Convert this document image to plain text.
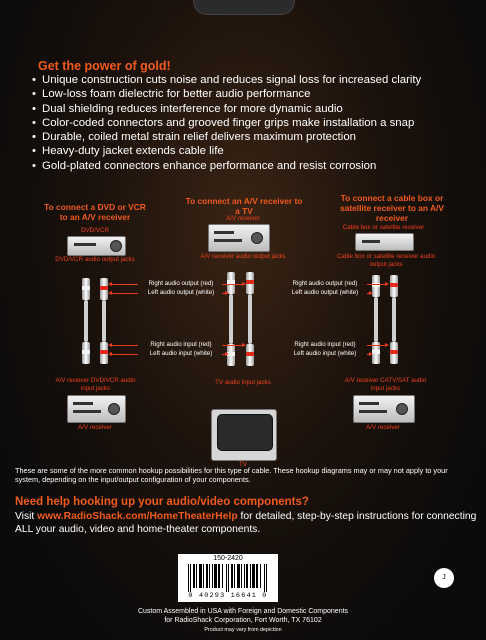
Get the power of gold!
• Unique construction cuts noise and reduces signal loss for increased clarity
• Low-loss foam dielectric for better audio performance
• Dual shielding reduces interference for more dynamic audio
• Color-coded connectors and grooved finger grips make installation a snap
• Durable, coiled metal strain relief delivers maximum protection
• Heavy-duty jacket extends cable life
• Gold-plated connectors enhance performance and resist corrosion
To connect a DVD or VCR to an A/V receiver
DVD/VCR
DVD/VCR audio output jacks
A/V receiver DVD/VCR audio input jacks
A/V receiver
To connect an A/V receiver to a TV
A/V receiver
A/V receiver audio output jacks
Right audio output (red)
Left audio output (white)
Right audio input (red)
Left audio input (white)
TV audio input jacks
TV
To connect a cable box or satellite receiver to an A/V receiver
Cable box or satellite receiver
Cable box or satellite receiver audio output jacks
Right audio output (red)
Left audio output (white)
Right audio input (red)
Left audio input (white)
A/V receiver CATV/SAT audio input jacks
A/V receiver
These are some of the more common hookup possibilities for this type of cable. These hookup diagrams may or may not apply to your system, depending on the input/output configuration of your components.
Need help hooking up your audio/video components?
Visit www.RadioShack.com/HomeTheaterHelp for detailed, step-by-step instructions for connecting ALL your audio, video and home-theater components.
150-2420
0 40293 16641 0
J
Custom Assembled in USA with Foreign and Domestic Components
for RadioShack Corporation, Fort Worth, TX 76102
Product may vary from depiction
